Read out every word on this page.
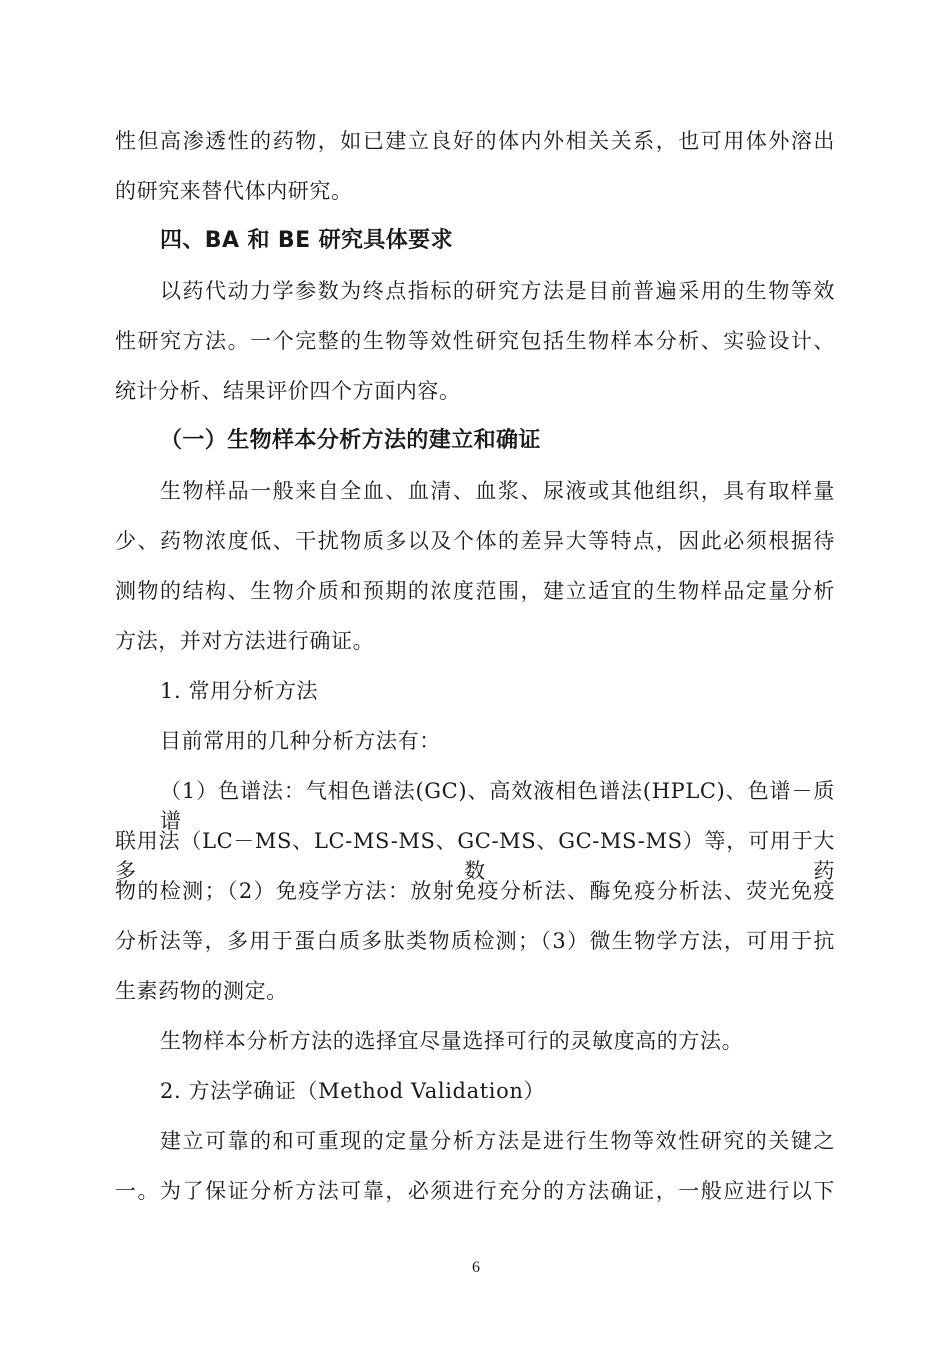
性但高渗透性的药物，如已建立良好的体内外相关关系，也可用体外溶出
的研究来替代体内研究。
四、BA 和 BE 研究具体要求
以药代动力学参数为终点指标的研究方法是目前普遍采用的生物等效
性研究方法。一个完整的生物等效性研究包括生物样本分析、实验设计、
统计分析、结果评价四个方面内容。
（一）生物样本分析方法的建立和确证
生物样品一般来自全血、血清、血浆、尿液或其他组织，具有取样量
少、药物浓度低、干扰物质多以及个体的差异大等特点，因此必须根据待
测物的结构、生物介质和预期的浓度范围，建立适宜的生物样品定量分析
方法，并对方法进行确证。
1. 常用分析方法
目前常用的几种分析方法有：
（1）色谱法：气相色谱法(GC)、高效液相色谱法(HPLC)、色谱－质谱
联用法（LC－MS、LC-MS-MS、GC-MS、GC-MS-MS）等，可用于大多数药
物的检测；（2）免疫学方法：放射免疫分析法、酶免疫分析法、荧光免疫
分析法等，多用于蛋白质多肽类物质检测；（3）微生物学方法，可用于抗
生素药物的测定。
生物样本分析方法的选择宜尽量选择可行的灵敏度高的方法。
2. 方法学确证（Method Validation）
建立可靠的和可重现的定量分析方法是进行生物等效性研究的关键之
一。为了保证分析方法可靠，必须进行充分的方法确证，一般应进行以下
6
